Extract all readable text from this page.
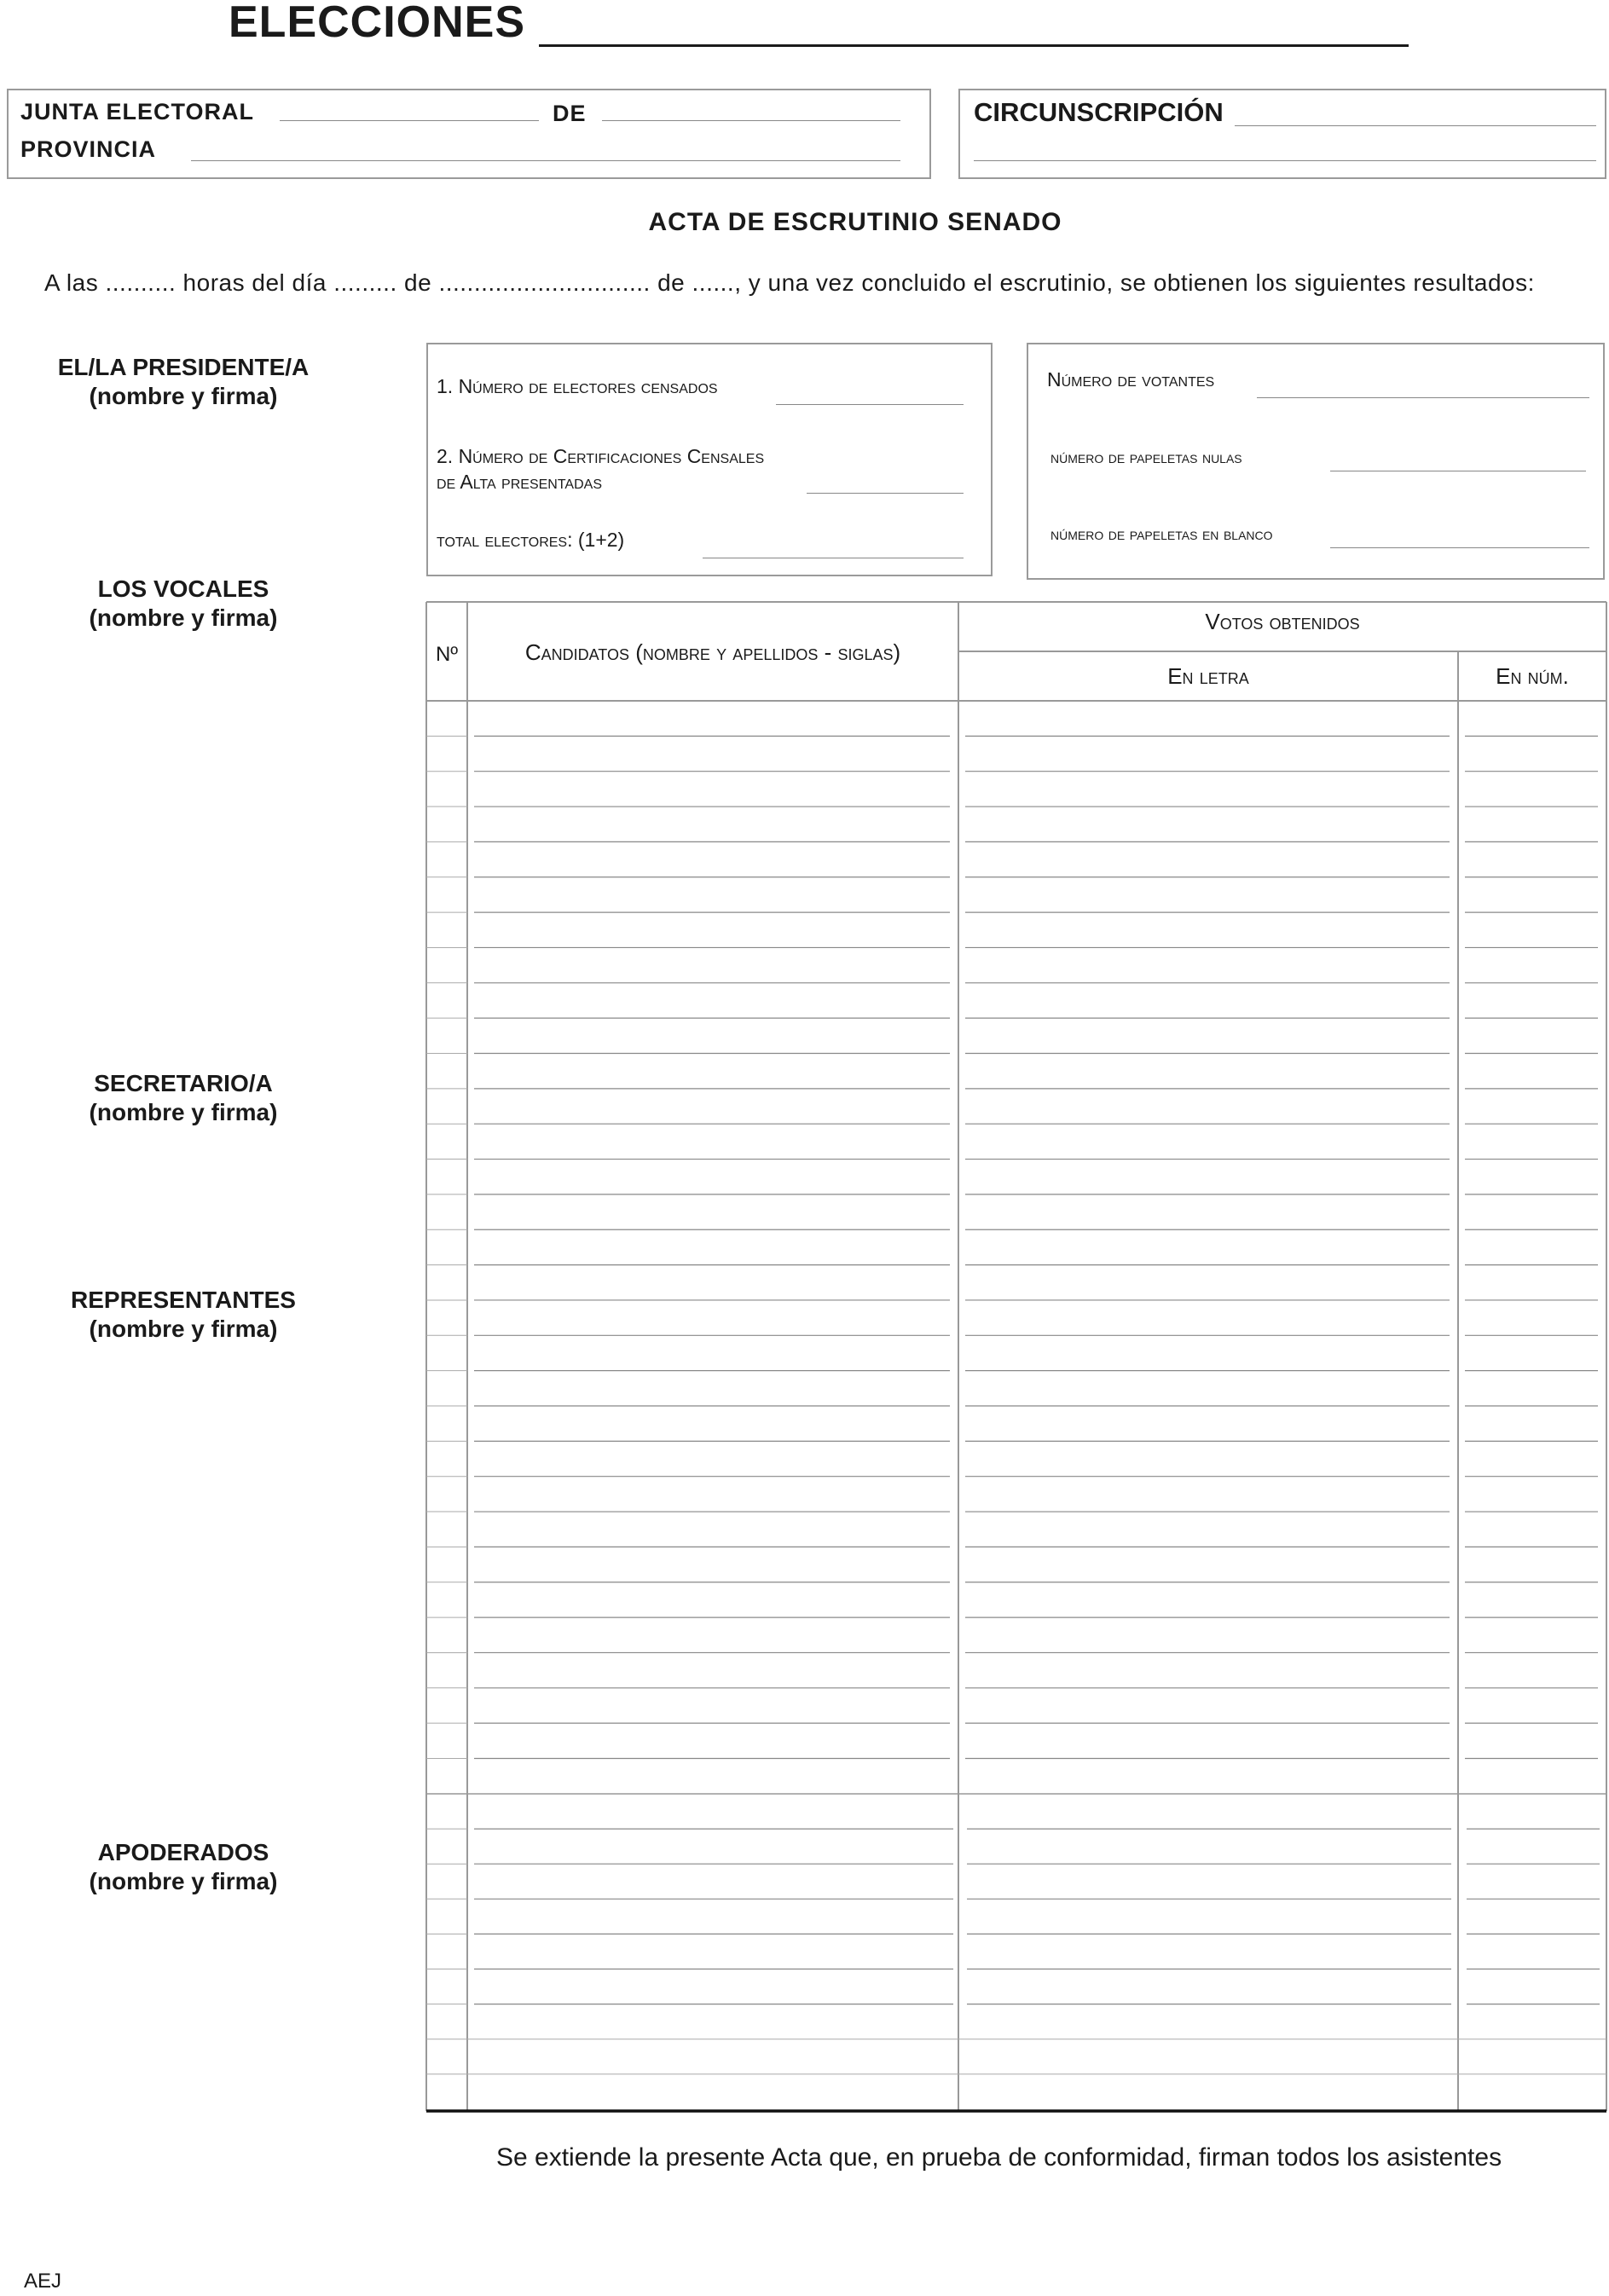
ELECCIONES
JUNTA ELECTORAL	DE
PROVINCIA
CIRCUNSCRIPCIÓN
ACTA DE ESCRUTINIO SENADO
A las .......... horas del día ......... de .............................. de ......, y una vez concluido el escrutinio, se obtienen los siguientes resultados:
EL/LA PRESIDENTE/A
(nombre y firma)
LOS VOCALES
(nombre y firma)
SECRETARIO/A
(nombre y firma)
REPRESENTANTES
(nombre y firma)
APODERADOS
(nombre y firma)
1. Número de electores censados
2. Número de Certificaciones Censales
de Alta presentadas
total electores: (1+2)
Número de votantes
número de papeletas nulas
número de papeletas en blanco
Nº	Candidatos (nombre y apellidos - siglas)
Votos obtenidos
En letra	En núm.
Se extiende la presente Acta que, en prueba de conformidad, firman todos los asistentes
AEJ
